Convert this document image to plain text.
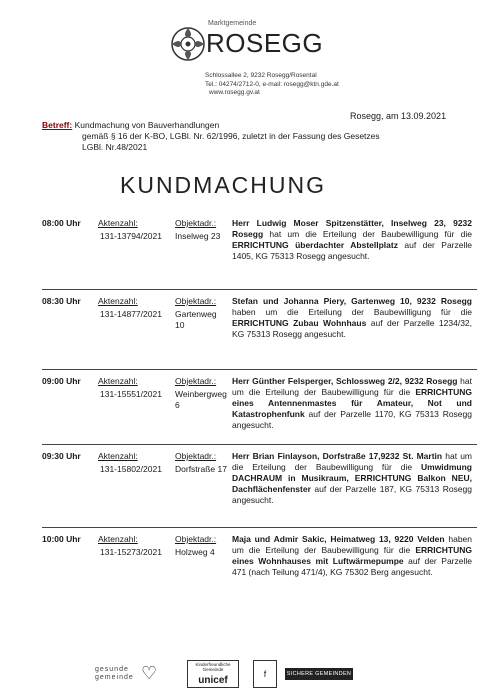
Marktgemeinde
ROSEGG
Schlossallee 2, 9232 Rosegg/Rosental
Tel.: 04274/2712-0, e-mail: rosegg@ktn.gde.at
www.rosegg.gv.at
Rosegg, am 13.09.2021
Betreff: Kundmachung von Bauverhandlungen
gemäß § 16 der K-BO, LGBl. Nr. 62/1996, zuletzt in der Fassung des Gesetzes
LGBl. Nr.48/2021
KUNDMACHUNG
08:00 Uhr Aktenzahl:
131-13794/2021
Objektadr.:
Inselweg 23
Herr Ludwig Moser Spitzenstätter, Inselweg 23, 9232 Rosegg hat um die Erteilung der Baubewilligung für die ERRICHTUNG überdachter Abstellplatz auf der Parzelle 1405, KG 75313 Rosegg angesucht.
08:30 Uhr Aktenzahl:
131-14877/2021
Objektadr.:
Gartenweg 10
Stefan und Johanna Piery, Gartenweg 10, 9232 Rosegg haben um die Erteilung der Baubewilligung für die ERRICHTUNG Zubau Wohnhaus auf der Parzelle 1234/32, KG 75313 Rosegg angesucht.
09:00 Uhr Aktenzahl:
131-15551/2021
Objektadr.:
Weinbergweg 6
Herr Günther Felsperger, Schlossweg 2/2, 9232 Rosegg hat um die Erteilung der Baubewilligung für die ERRICHTUNG eines Antennenmastes für Amateur, Not und Katastrophenfunk auf der Parzelle 1170, KG 75313 Rosegg angesucht.
09:30 Uhr Aktenzahl:
131-15802/2021
Objektadr.:
Dorfstraße 17
Herr Brian Finlayson, Dorfstraße 17,9232 St. Martin hat um die Erteilung der Baubewilligung für die Umwidmung DACHRAUM in Musikraum, ERRICHTUNG Balkon NEU, Dachflächenfenster auf der Parzelle 187, KG 75313 Rosegg angesucht.
10:00 Uhr Aktenzahl:
131-15273/2021
Objektadr.:
Holzweg 4
Maja und Admir Sakic, Heimatweg 13, 9220 Velden haben um die Erteilung der Baubewilligung für die ERRICHTUNG eines Wohnhauses mit Luftwärmepumpe auf der Parzelle 471 (nach Teilung 471/4), KG 75302 Berg angesucht.
gesunde
gemeinde ♡	Kinderfreundliche Gemeinde
unicef
f	SICHERE GEMEINDEN
